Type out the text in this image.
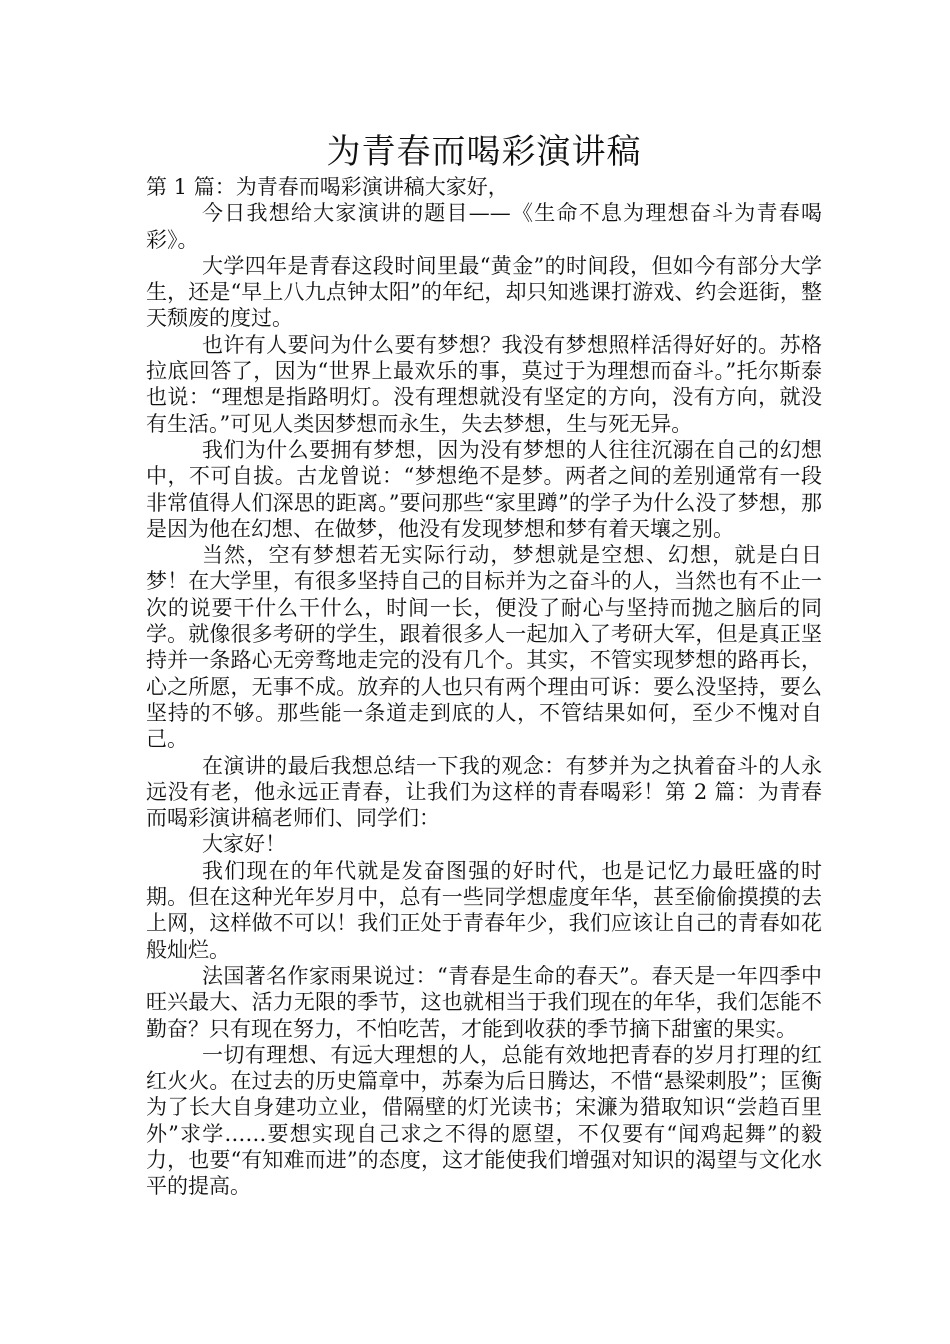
为青春而喝彩演讲稿

第 1 篇：为青春而喝彩演讲稿大家好，

今日我想给大家演讲的题目——《生命不息为理想奋斗为青春喝彩》。

大学四年是青春这段时间里最“黄金”的时间段，但如今有部分大学生，还是“早上八九点钟太阳”的年纪，却只知逃课打游戏、约会逛街，整天颓废的度过。

也许有人要问为什么要有梦想？我没有梦想照样活得好好的。苏格拉底回答了，因为“世界上最欢乐的事，莫过于为理想而奋斗。”托尔斯泰也说：“理想是指路明灯。没有理想就没有坚定的方向，没有方向，就没有生活。”可见人类因梦想而永生，失去梦想，生与死无异。

我们为什么要拥有梦想，因为没有梦想的人往往沉溺在自己的幻想中，不可自拔。古龙曾说：“梦想绝不是梦。两者之间的差别通常有一段非常值得人们深思的距离。”要问那些“家里蹲”的学子为什么没了梦想，那是因为他在幻想、在做梦，他没有发现梦想和梦有着天壤之别。

当然，空有梦想若无实际行动，梦想就是空想、幻想，就是白日梦！在大学里，有很多坚持自己的目标并为之奋斗的人，当然也有不止一次的说要干什么干什么，时间一长，便没了耐心与坚持而抛之脑后的同学。就像很多考研的学生，跟着很多人一起加入了考研大军，但是真正坚持并一条路心无旁骛地走完的没有几个。其实，不管实现梦想的路再长，心之所愿，无事不成。放弃的人也只有两个理由可诉：要么没坚持，要么坚持的不够。那些能一条道走到底的人，不管结果如何，至少不愧对自己。

在演讲的最后我想总结一下我的观念：有梦并为之执着奋斗的人永远没有老，他永远正青春，让我们为这样的青春喝彩！第 2 篇：为青春而喝彩演讲稿老师们、同学们：

大家好！

我们现在的年代就是发奋图强的好时代，也是记忆力最旺盛的时期。但在这种光年岁月中，总有一些同学想虚度年华，甚至偷偷摸摸的去上网，这样做不可以！我们正处于青春年少，我们应该让自己的青春如花般灿烂。

法国著名作家雨果说过：“青春是生命的春天”。春天是一年四季中旺兴最大、活力无限的季节，这也就相当于我们现在的年华，我们怎能不勤奋？只有现在努力，不怕吃苦，才能到收获的季节摘下甜蜜的果实。

一切有理想、有远大理想的人，总能有效地把青春的岁月打理的红红火火。在过去的历史篇章中，苏秦为后日腾达，不惜“悬梁刺股”；匡衡为了长大自身建功立业，借隔壁的灯光读书；宋濂为猎取知识“尝趋百里外”求学……要想实现自己求之不得的愿望，不仅要有“闻鸡起舞”的毅力，也要“有知难而进”的态度，这才能使我们增强对知识的渴望与文化水平的提高。
